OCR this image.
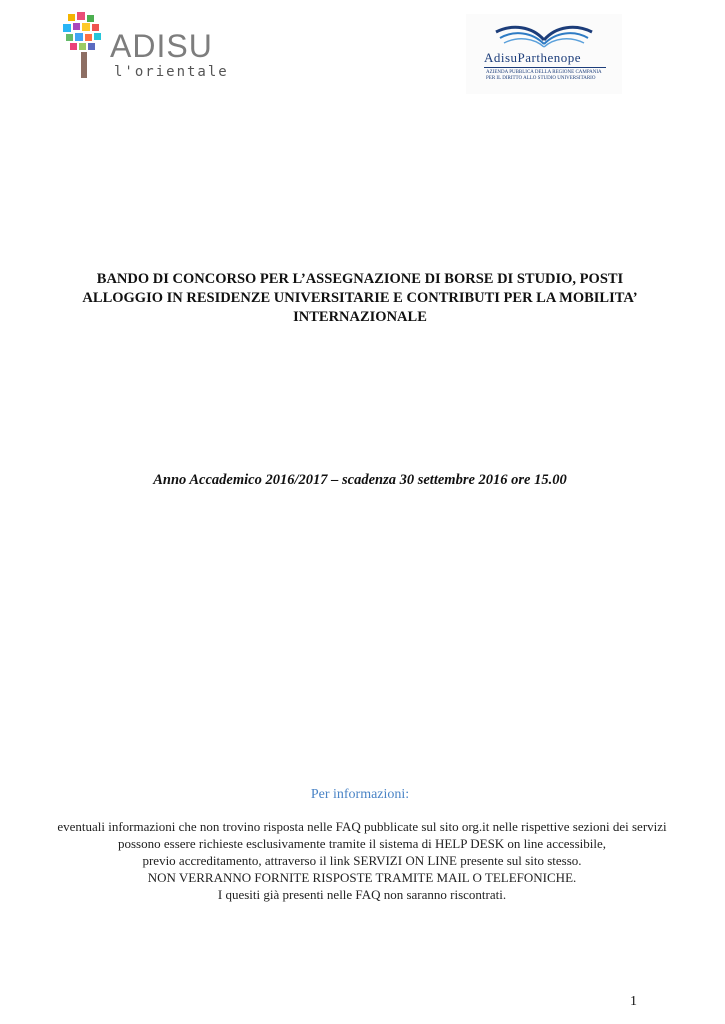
ADISU
l'orientale
AdisuParthenope
AZIENDA PUBBLICA DELLA REGIONE CAMPANIA PER IL DIRITTO ALLO STUDIO UNIVERSITARIO
BANDO DI CONCORSO PER L’ASSEGNAZIONE DI BORSE DI STUDIO, POSTI
ALLOGGIO IN RESIDENZE UNIVERSITARIE E CONTRIBUTI PER LA MOBILITA’
INTERNAZIONALE
Anno Accademico 2016/2017 – scadenza 30 settembre 2016 ore 15.00
Per informazioni:
eventuali informazioni che non trovino risposta nelle FAQ pubblicate sul sito org.it nelle rispettive sezioni dei servizi
possono essere richieste esclusivamente tramite il sistema di HELP DESK on line accessibile,
previo accreditamento, attraverso il link SERVIZI ON LINE presente sul sito stesso.
NON VERRANNO FORNITE RISPOSTE TRAMITE MAIL O TELEFONICHE.
I quesiti già presenti nelle FAQ non saranno riscontrati.
1
